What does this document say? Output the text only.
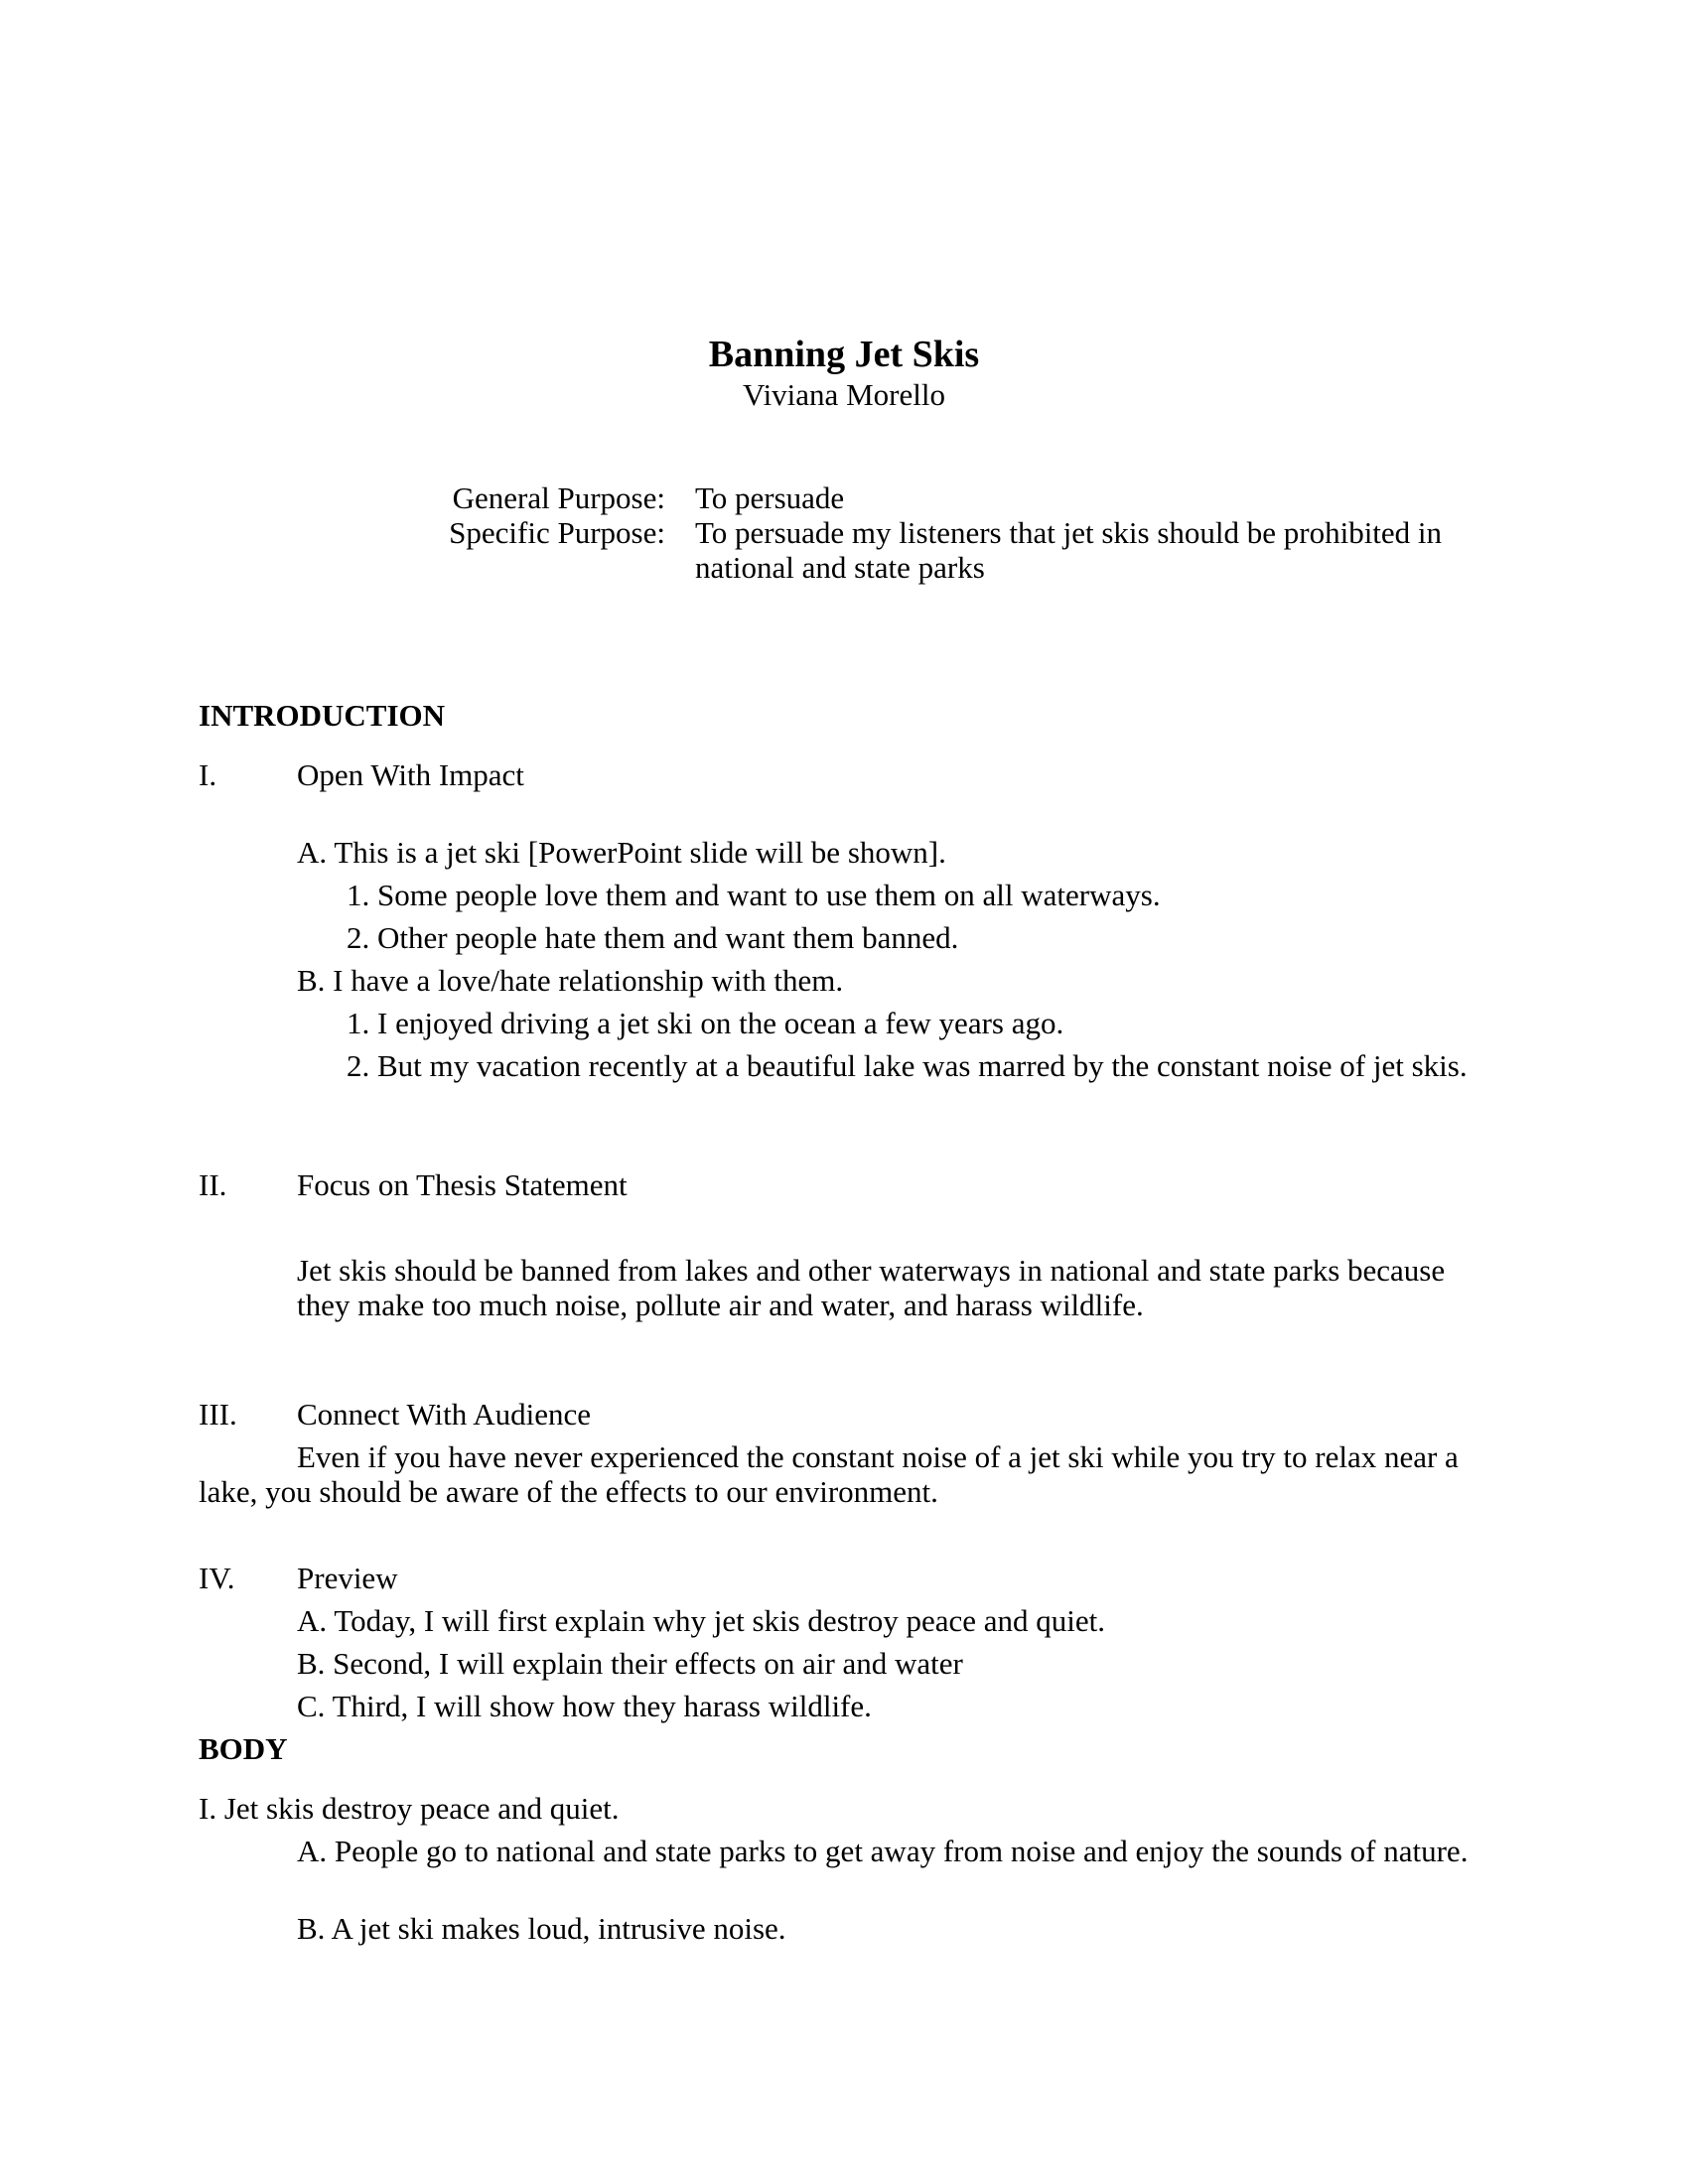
Banning Jet Skis
Viviana Morello
General Purpose: To persuade
Specific Purpose: To persuade my listeners that jet skis should be prohibited in
national and state parks
INTRODUCTION
I.	Open With Impact
A. This is a jet ski [PowerPoint slide will be shown].
1. Some people love them and want to use them on all waterways.
2. Other people hate them and want them banned.
B. I have a love/hate relationship with them.
1. I enjoyed driving a jet ski on the ocean a few years ago.
2. But my vacation recently at a beautiful lake was marred by the constant noise of jet skis.
II. Focus on Thesis Statement
Jet skis should be banned from lakes and other waterways in national and state parks because
they make too much noise, pollute air and water, and harass wildlife.
III. Connect With Audience
Even if you have never experienced the constant noise of a jet ski while you try to relax near a
lake, you should be aware of the effects to our environment.
IV. Preview
A. Today, I will first explain why jet skis destroy peace and quiet.
B. Second, I will explain their effects on air and water
C. Third, I will show how they harass wildlife.
BODY
I. Jet skis destroy peace and quiet.
A. People go to national and state parks to get away from noise and enjoy the sounds of nature.
B. A jet ski makes loud, intrusive noise.
